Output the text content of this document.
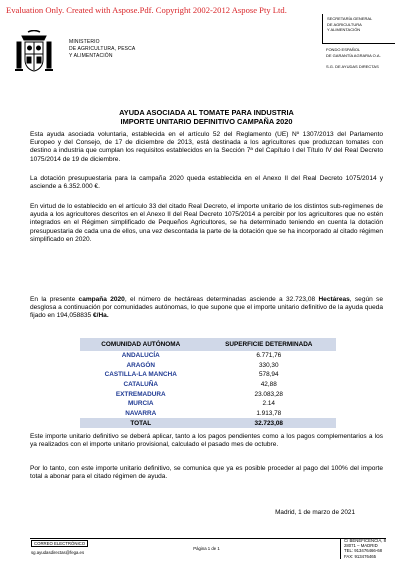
Evaluation Only. Created with Aspose.Pdf. Copyright 2002-2012 Aspose Pty Ltd.
MINISTERIO
DE AGRICULTURA, PESCA
Y ALIMENTACIÓN
SECRETARÍA GENERAL
DE AGRICULTURA
Y ALIMENTACIÓN
FONDO ESPAÑOL
DE GARANTÍA AGRARIA O.A.

S.G. DE AYUDAS DIRECTAS
AYUDA ASOCIADA AL TOMATE PARA INDUSTRIA
IMPORTE UNITARIO DEFINITIVO CAMPAÑA 2020
Esta ayuda asociada voluntaria, establecida en el artículo 52 del Reglamento (UE) Nº 1307/2013 del Parlamento Europeo y del Consejo, de 17 de diciembre de 2013, está destinada a los agricultores que produzcan tomates con destino a industria que cumplan los requisitos establecidos en la Sección 7ª del Capítulo I del Título IV del Real Decreto 1075/2014 de 19 de diciembre.
La dotación presupuestaria para la campaña 2020 queda establecida en el Anexo II del Real Decreto 1075/2014 y asciende a 6.352.000 €.
En virtud de lo establecido en el artículo 33 del citado Real Decreto, el importe unitario de los distintos sub-regímenes de ayuda a los agricultores descritos en el Anexo II del Real Decreto 1075/2014 a percibir por los agricultores que no estén integrados en el Régimen simplificado de Pequeños Agricultores, se ha determinado teniendo en cuenta la dotación presupuestaria de cada una de ellos, una vez descontada la parte de la dotación que se ha incorporado al citado régimen simplificado en 2020.
En la presente campaña 2020, el número de hectáreas determinadas asciende a 32.723,08 Hectáreas, según se desglosa a continuación por comunidades autónomas, lo que supone que el importe unitario definitivo de la ayuda queda fijado en 194,058835 €/Ha.
COMUNIDAD AUTÓNOMA	SUPERFICIE DETERMINADA
ANDALUCÍA	6.771,76
ARAGÓN	330,30
CASTILLA-LA MANCHA	578,94
CATALUÑA	42,88
EXTREMADURA	23.083,28
MURCIA	2.14
NAVARRA	1.913,78
TOTAL	32.723,08
Este importe unitario definitivo se deberá aplicar, tanto a los pagos pendientes como a los pagos complementarios a los ya realizados con el importe unitario provisional, calculado el pasado mes de octubre.
Por lo tanto, con este importe unitario definitivo, se comunica que ya es posible proceder al pago del 100% del importe total a abonar para el citado régimen de ayuda.
Madrid, 1 de marzo de 2021
CORREO ELECTRÓNICO
sg.ayudasdirectas@fega.es
Página 1 de 1
C/ BENEFICENCIA, 8
28071 – MADRID
TEL: 913476466-68
FAX: 913476465
